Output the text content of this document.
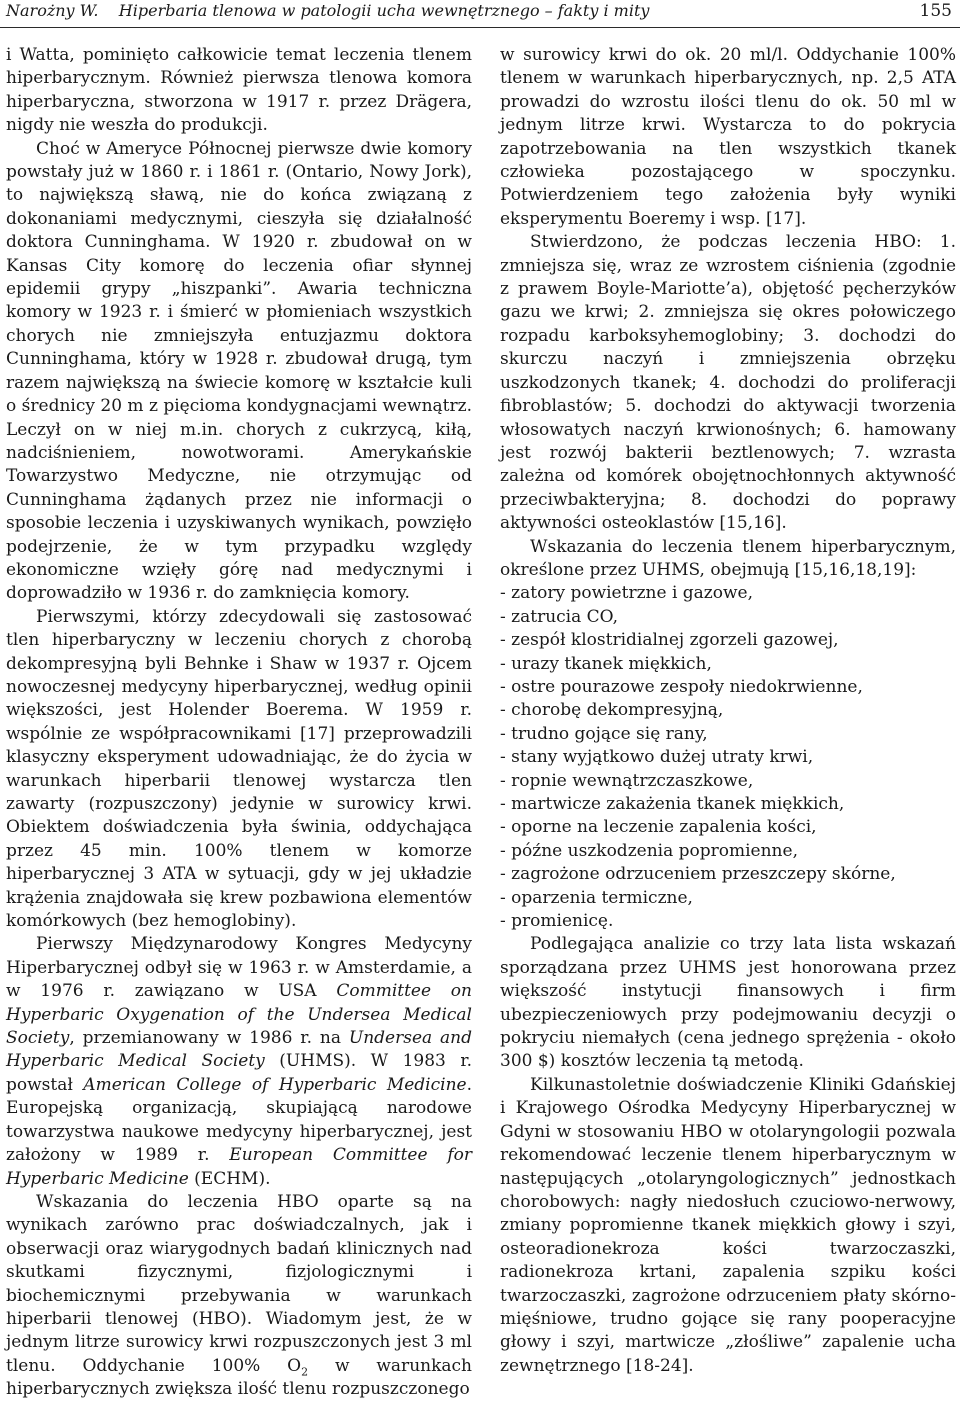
Narożny W. Hiperbaria tlenowa w patologii ucha wewnętrznego – fakty i mity	155

i Watta, pominięto całkowicie temat leczenia tlenem hiperbarycznym. Również pierwsza tlenowa komora hiperbaryczna, stworzona w 1917 r. przez Drägera, nigdy nie weszła do produkcji.

Choć w Ameryce Północnej pierwsze dwie komory powstały już w 1860 r. i 1861 r. (Ontario, Nowy Jork), to największą sławą, nie do końca związaną z dokonaniami medycznymi, cieszyła się działalność doktora Cunninghama. W 1920 r. zbudował on w Kansas City komorę do leczenia ofiar słynnej epidemii grypy „hiszpanki”. Awaria techniczna komory w 1923 r. i śmierć w płomieniach wszystkich chorych nie zmniejszyła entuzjazmu doktora Cunninghama, który w 1928 r. zbudował drugą, tym razem największą na świecie komorę w kształcie kuli o średnicy 20 m z pięcioma kondygnacjami wewnątrz. Leczył on w niej m.in. chorych z cukrzycą, kiłą, nadciśnieniem, nowotworami. Amerykańskie Towarzystwo Medyczne, nie otrzymując od Cunninghama żądanych przez nie informacji o sposobie leczenia i uzyskiwanych wynikach, powzięło podejrzenie, że w tym przypadku względy ekonomiczne wzięły górę nad medycznymi i doprowadziło w 1936 r. do zamknięcia komory.

Pierwszymi, którzy zdecydowali się zastosować tlen hiperbaryczny w leczeniu chorych z chorobą dekompresyjną byli Behnke i Shaw w 1937 r. Ojcem nowoczesnej medycyny hiperbarycznej, według opinii większości, jest Holender Boerema. W 1959 r. wspólnie ze współpracownikami [17] przeprowadzili klasyczny eksperyment udowadniając, że do życia w warunkach hiperbarii tlenowej wystarcza tlen zawarty (rozpuszczony) jedynie w surowicy krwi. Obiektem doświadczenia była świnia, oddychająca przez 45 min. 100% tlenem w komorze hiperbarycznej 3 ATA w sytuacji, gdy w jej układzie krążenia znajdowała się krew pozbawiona elementów komórkowych (bez hemoglobiny).

Pierwszy Międzynarodowy Kongres Medycyny Hiperbarycznej odbył się w 1963 r. w Amsterdamie, a w 1976 r. zawiązano w USA Committee on Hyperbaric Oxygenation of the Undersea Medical Society, przemianowany w 1986 r. na Undersea and Hyperbaric Medical Society (UHMS). W 1983 r. powstał American College of Hyperbaric Medicine. Europejską organizacją, skupiającą narodowe towarzystwa naukowe medycyny hiperbarycznej, jest założony w 1989 r. European Committee for Hyperbaric Medicine (ECHM).

Wskazania do leczenia HBO oparte są na wynikach zarówno prac doświadczalnych, jak i obserwacji oraz wiarygodnych badań klinicznych nad skutkami fizycznymi, fizjologicznymi i biochemicznymi przebywania w warunkach hiperbarii tlenowej (HBO). Wiadomym jest, że w jednym litrze surowicy krwi rozpuszczonych jest 3 ml tlenu. Oddychanie 100% $O_2$ w warunkach hiperbarycznych zwiększa ilość tlenu rozpuszczonego

w surowicy krwi do ok. 20 ml/l. Oddychanie 100% tlenem w warunkach hiperbarycznych, np. 2,5 ATA prowadzi do wzrostu ilości tlenu do ok. 50 ml w jednym litrze krwi. Wystarcza to do pokrycia zapotrzebowania na tlen wszystkich tkanek człowieka pozostającego w spoczynku. Potwierdzeniem tego założenia były wyniki eksperymentu Boeremy i wsp. [17].

Stwierdzono, że podczas leczenia HBO: 1. zmniejsza się, wraz ze wzrostem ciśnienia (zgodnie z prawem Boyle-Mariotte’a), objętość pęcherzyków gazu we krwi; 2. zmniejsza się okres połowiczego rozpadu karboksyhemoglobiny; 3. dochodzi do skurczu naczyń i zmniejszenia obrzęku uszkodzonych tkanek; 4. dochodzi do proliferacji fibroblastów; 5. dochodzi do aktywacji tworzenia włosowatych naczyń krwionośnych; 6. hamowany jest rozwój bakterii beztlenowych; 7. wzrasta zależna od komórek obojętnochłonnych aktywność przeciwbakteryjna; 8. dochodzi do poprawy aktywności osteoklastów [15,16].

Wskazania do leczenia tlenem hiperbarycznym, określone przez UHMS, obejmują [15,16,18,19]:

- zatory powietrzne i gazowe,
- zatrucia CO,
- zespół klostridialnej zgorzeli gazowej,
- urazy tkanek miękkich,
- ostre pourazowe zespoły niedokrwienne,
- chorobę dekompresyjną,
- trudno gojące się rany,
- stany wyjątkowo dużej utraty krwi,
- ropnie wewnątrzczaszkowe,
- martwicze zakażenia tkanek miękkich,
- oporne na leczenie zapalenia kości,
- późne uszkodzenia popromienne,
- zagrożone odrzuceniem przeszczepy skórne,
- oparzenia termiczne,
- promienicę.

Podlegająca analizie co trzy lata lista wskazań sporządzana przez UHMS jest honorowana przez większość instytucji finansowych i firm ubezpieczeniowych przy podejmowaniu decyzji o pokryciu niemałych (cena jednego sprężenia - około 300 $) kosztów leczenia tą metodą.

Kilkunastoletnie doświadczenie Kliniki Gdańskiej i Krajowego Ośrodka Medycyny Hiperbarycznej w Gdyni w stosowaniu HBO w otolaryngologii pozwala rekomendować leczenie tlenem hiperbarycznym w następujących „otolaryngologicznych” jednostkach chorobowych: nagły niedosłuch czuciowo-nerwowy, zmiany popromienne tkanek miękkich głowy i szyi, osteoradionekroza kości twarzoczaszki, radionekroza krtani, zapalenia szpiku kości twarzoczaszki, zagrożone odrzuceniem płaty skórno-mięśniowe, trudno gojące się rany pooperacyjne głowy i szyi, martwicze „złośliwe” zapalenie ucha zewnętrznego [18-24].
